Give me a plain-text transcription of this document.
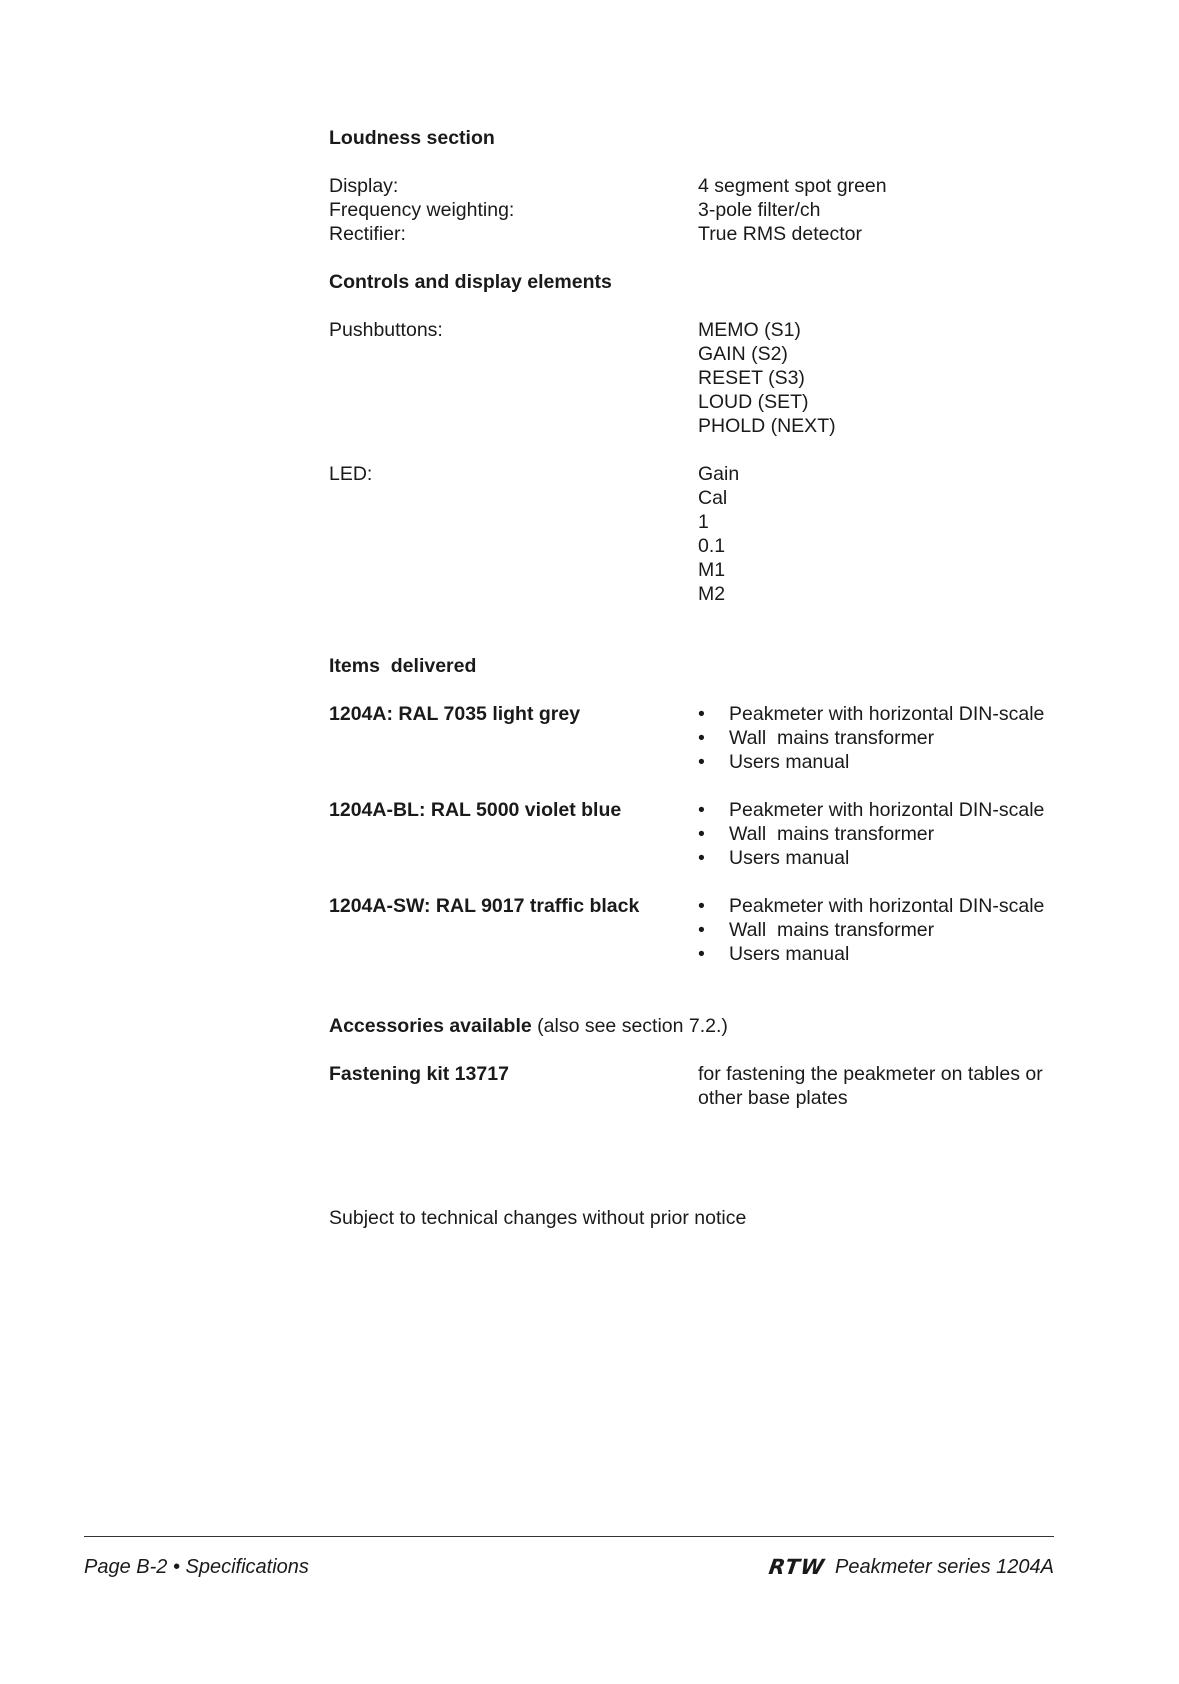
Loudness section
Display:	4 segment spot green
Frequency weighting:	3-pole filter/ch
Rectifier:	True RMS detector
Controls and display elements
Pushbuttons:	MEMO (S1)
GAIN (S2)
RESET (S3)
LOUD (SET)
PHOLD (NEXT)
LED:	Gain
Cal
1
0.1
M1
M2
Items  delivered
1204A: RAL 7035 light grey	• Peakmeter with horizontal DIN-scale
• Wall  mains transformer
• Users manual
1204A-BL: RAL 5000 violet blue	• Peakmeter with horizontal DIN-scale
• Wall  mains transformer
• Users manual
1204A-SW: RAL 9017 traffic black	• Peakmeter with horizontal DIN-scale
• Wall  mains transformer
• Users manual
Accessories available (also see section 7.2.)
Fastening kit 13717	for fastening the peakmeter on tables or
other base plates
Subject to technical changes without prior notice
Page B-2 • Specifications	RTW Peakmeter series 1204A
